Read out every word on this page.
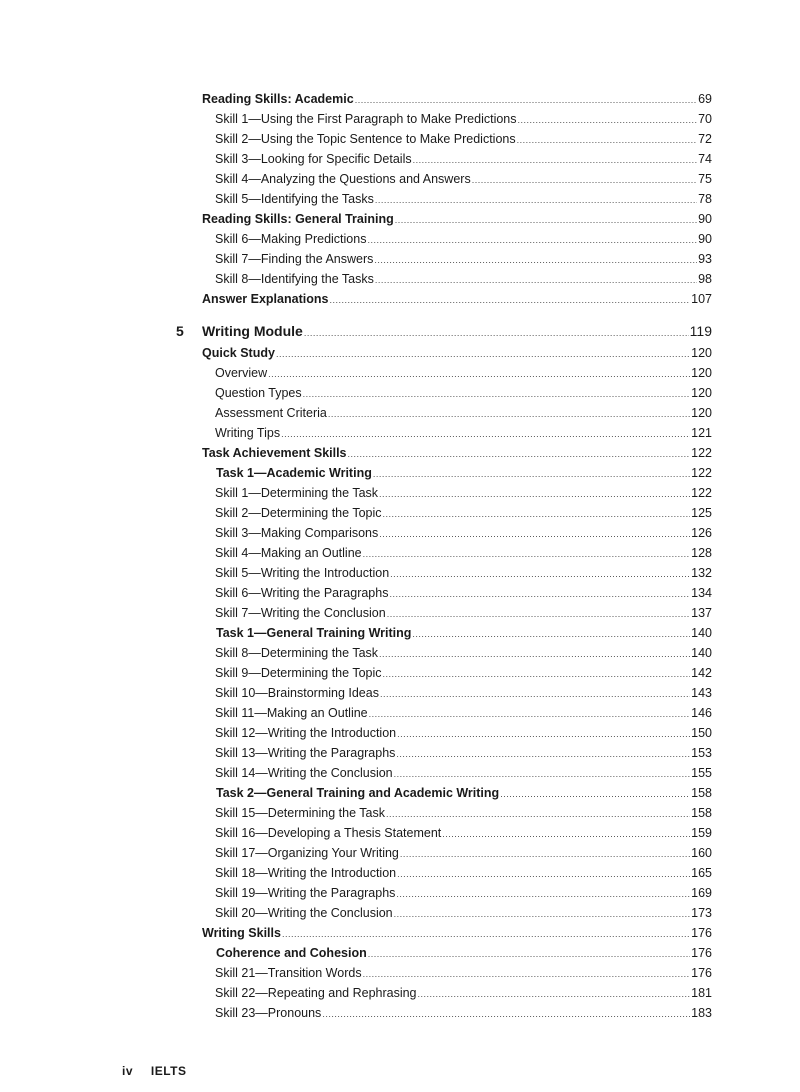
Reading Skills: Academic .....	69
Skill 1—Using the First Paragraph to Make Predictions .....	70
Skill 2—Using the Topic Sentence to Make Predictions .....	72
Skill 3—Looking for Specific Details .....	74
Skill 4—Analyzing the Questions and Answers .....	75
Skill 5—Identifying the Tasks .....	78
Reading Skills: General Training .....	90
Skill 6—Making Predictions .....	90
Skill 7—Finding the Answers .....	93
Skill 8—Identifying the Tasks .....	98
Answer Explanations .....	107
5 Writing Module .....	119
Quick Study .....	120
Overview .....	120
Question Types .....	120
Assessment Criteria .....	120
Writing Tips .....	121
Task Achievement Skills .....	122
Task 1—Academic Writing .....	122
Skill 1—Determining the Task .....	122
Skill 2—Determining the Topic .....	125
Skill 3—Making Comparisons .....	126
Skill 4—Making an Outline .....	128
Skill 5—Writing the Introduction .....	132
Skill 6—Writing the Paragraphs .....	134
Skill 7—Writing the Conclusion .....	137
Task 1—General Training Writing .....	140
Skill 8—Determining the Task .....	140
Skill 9—Determining the Topic .....	142
Skill 10—Brainstorming Ideas .....	143
Skill 11—Making an Outline .....	146
Skill 12—Writing the Introduction .....	150
Skill 13—Writing the Paragraphs .....	153
Skill 14—Writing the Conclusion .....	155
Task 2—General Training and Academic Writing .....	158
Skill 15—Determining the Task .....	158
Skill 16—Developing a Thesis Statement .....	159
Skill 17—Organizing Your Writing .....	160
Skill 18—Writing the Introduction .....	165
Skill 19—Writing the Paragraphs .....	169
Skill 20—Writing the Conclusion .....	173
Writing Skills .....	176
Coherence and Cohesion .....	176
Skill 21—Transition Words .....	176
Skill 22—Repeating and Rephrasing .....	181
Skill 23—Pronouns .....	183
iv IELTS
